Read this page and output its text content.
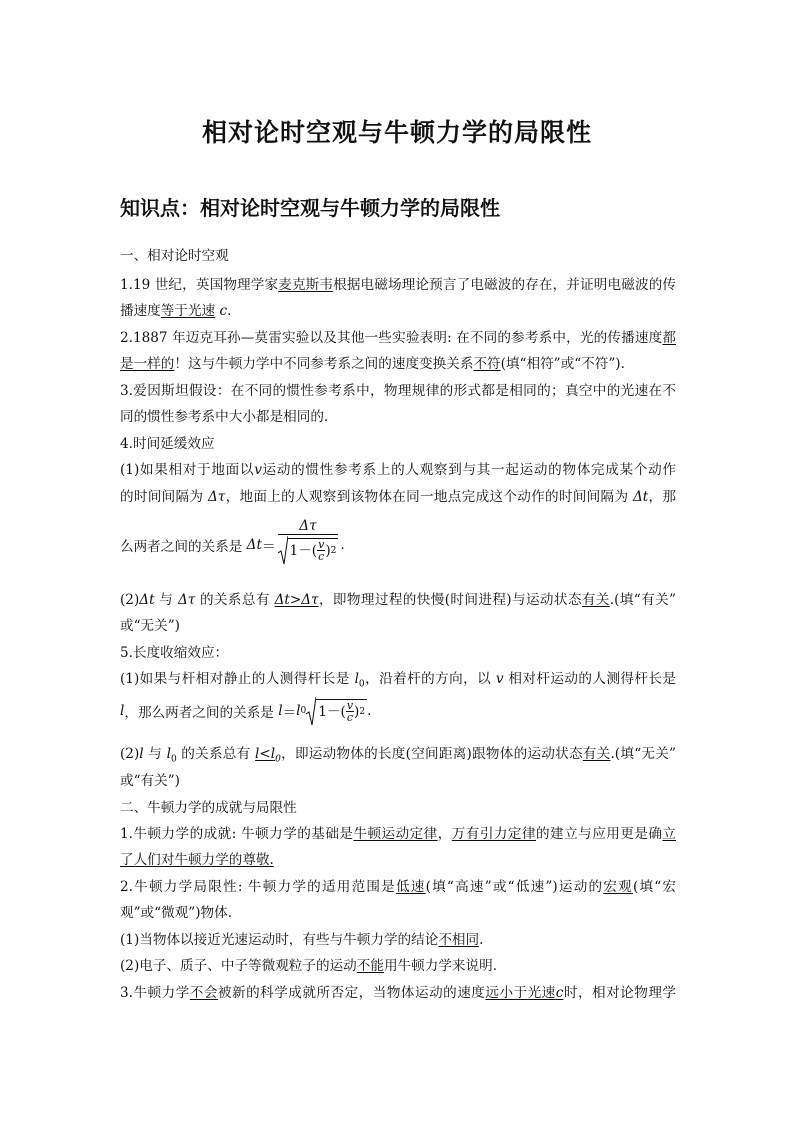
相对论时空观与牛顿力学的局限性
知识点：相对论时空观与牛顿力学的局限性
一、相对论时空观
1.19 世纪，英国物理学家麦克斯韦根据电磁场理论预言了电磁波的存在，并证明电磁波的传
播速度等于光速 c.
2.1887 年迈克耳孙—莫雷实验以及其他一些实验表明: 在不同的参考系中，光的传播速度都
是一样的！这与牛顿力学中不同参考系之间的速度变换关系不符(填“相符”或“不符”).
3.爱因斯坦假设：在不同的惯性参考系中，物理规律的形式都是相同的；真空中的光速在不
同的惯性参考系中大小都是相同的.
4.时间延缓效应
(1)如果相对于地面以v运动的惯性参考系上的人观察到与其一起运动的物体完成某个动作
的时间间隔为 Δτ，地面上的人观察到该物体在同一地点完成这个动作的时间间隔为 Δt，那
么两者之间的关系是
$\Delta t = \frac{\Delta\tau}{1-( \frac{v}{c} ) 2}$ .
(2)Δt 与 Δτ 的关系总有 Δt>Δτ，即物理过程的快慢(时间进程)与运动状态有关.(填“有关”
或“无关”)
5.长度收缩效应：
(1)如果与杆相对静止的人测得杆长是 $l_0$，沿着杆的方向，以 v 相对杆运动的人测得杆长是
l ，那么两者之间的关系是
l ＝ l 0 $1-( \frac{v}{c}$ ) 2 .
(2)l 与 $l_0$ 的关系总有 $l<l_0$，即运动物体的长度(空间距离)跟物体的运动状态有关.(填“无关”
或“有关”)
二、牛顿力学的成就与局限性
1.牛顿力学的成就: 牛顿力学的基础是牛顿运动定律，万有引力定律的建立与应用更是确立
了人们对牛顿力学的尊敬.
2.牛顿力学局限性: 牛顿力学的适用范围是低速(填“高速”或“低速”)运动的宏观(填“宏
观”或“微观”)物体.
(1)当物体以接近光速运动时，有些与牛顿力学的结论不相同.
(2)电子、质子、中子等微观粒子的运动不能用牛顿力学来说明.
3.牛顿力学不会被新的科学成就所否定，当物体运动的速度远小于光速c时，相对论物理学
